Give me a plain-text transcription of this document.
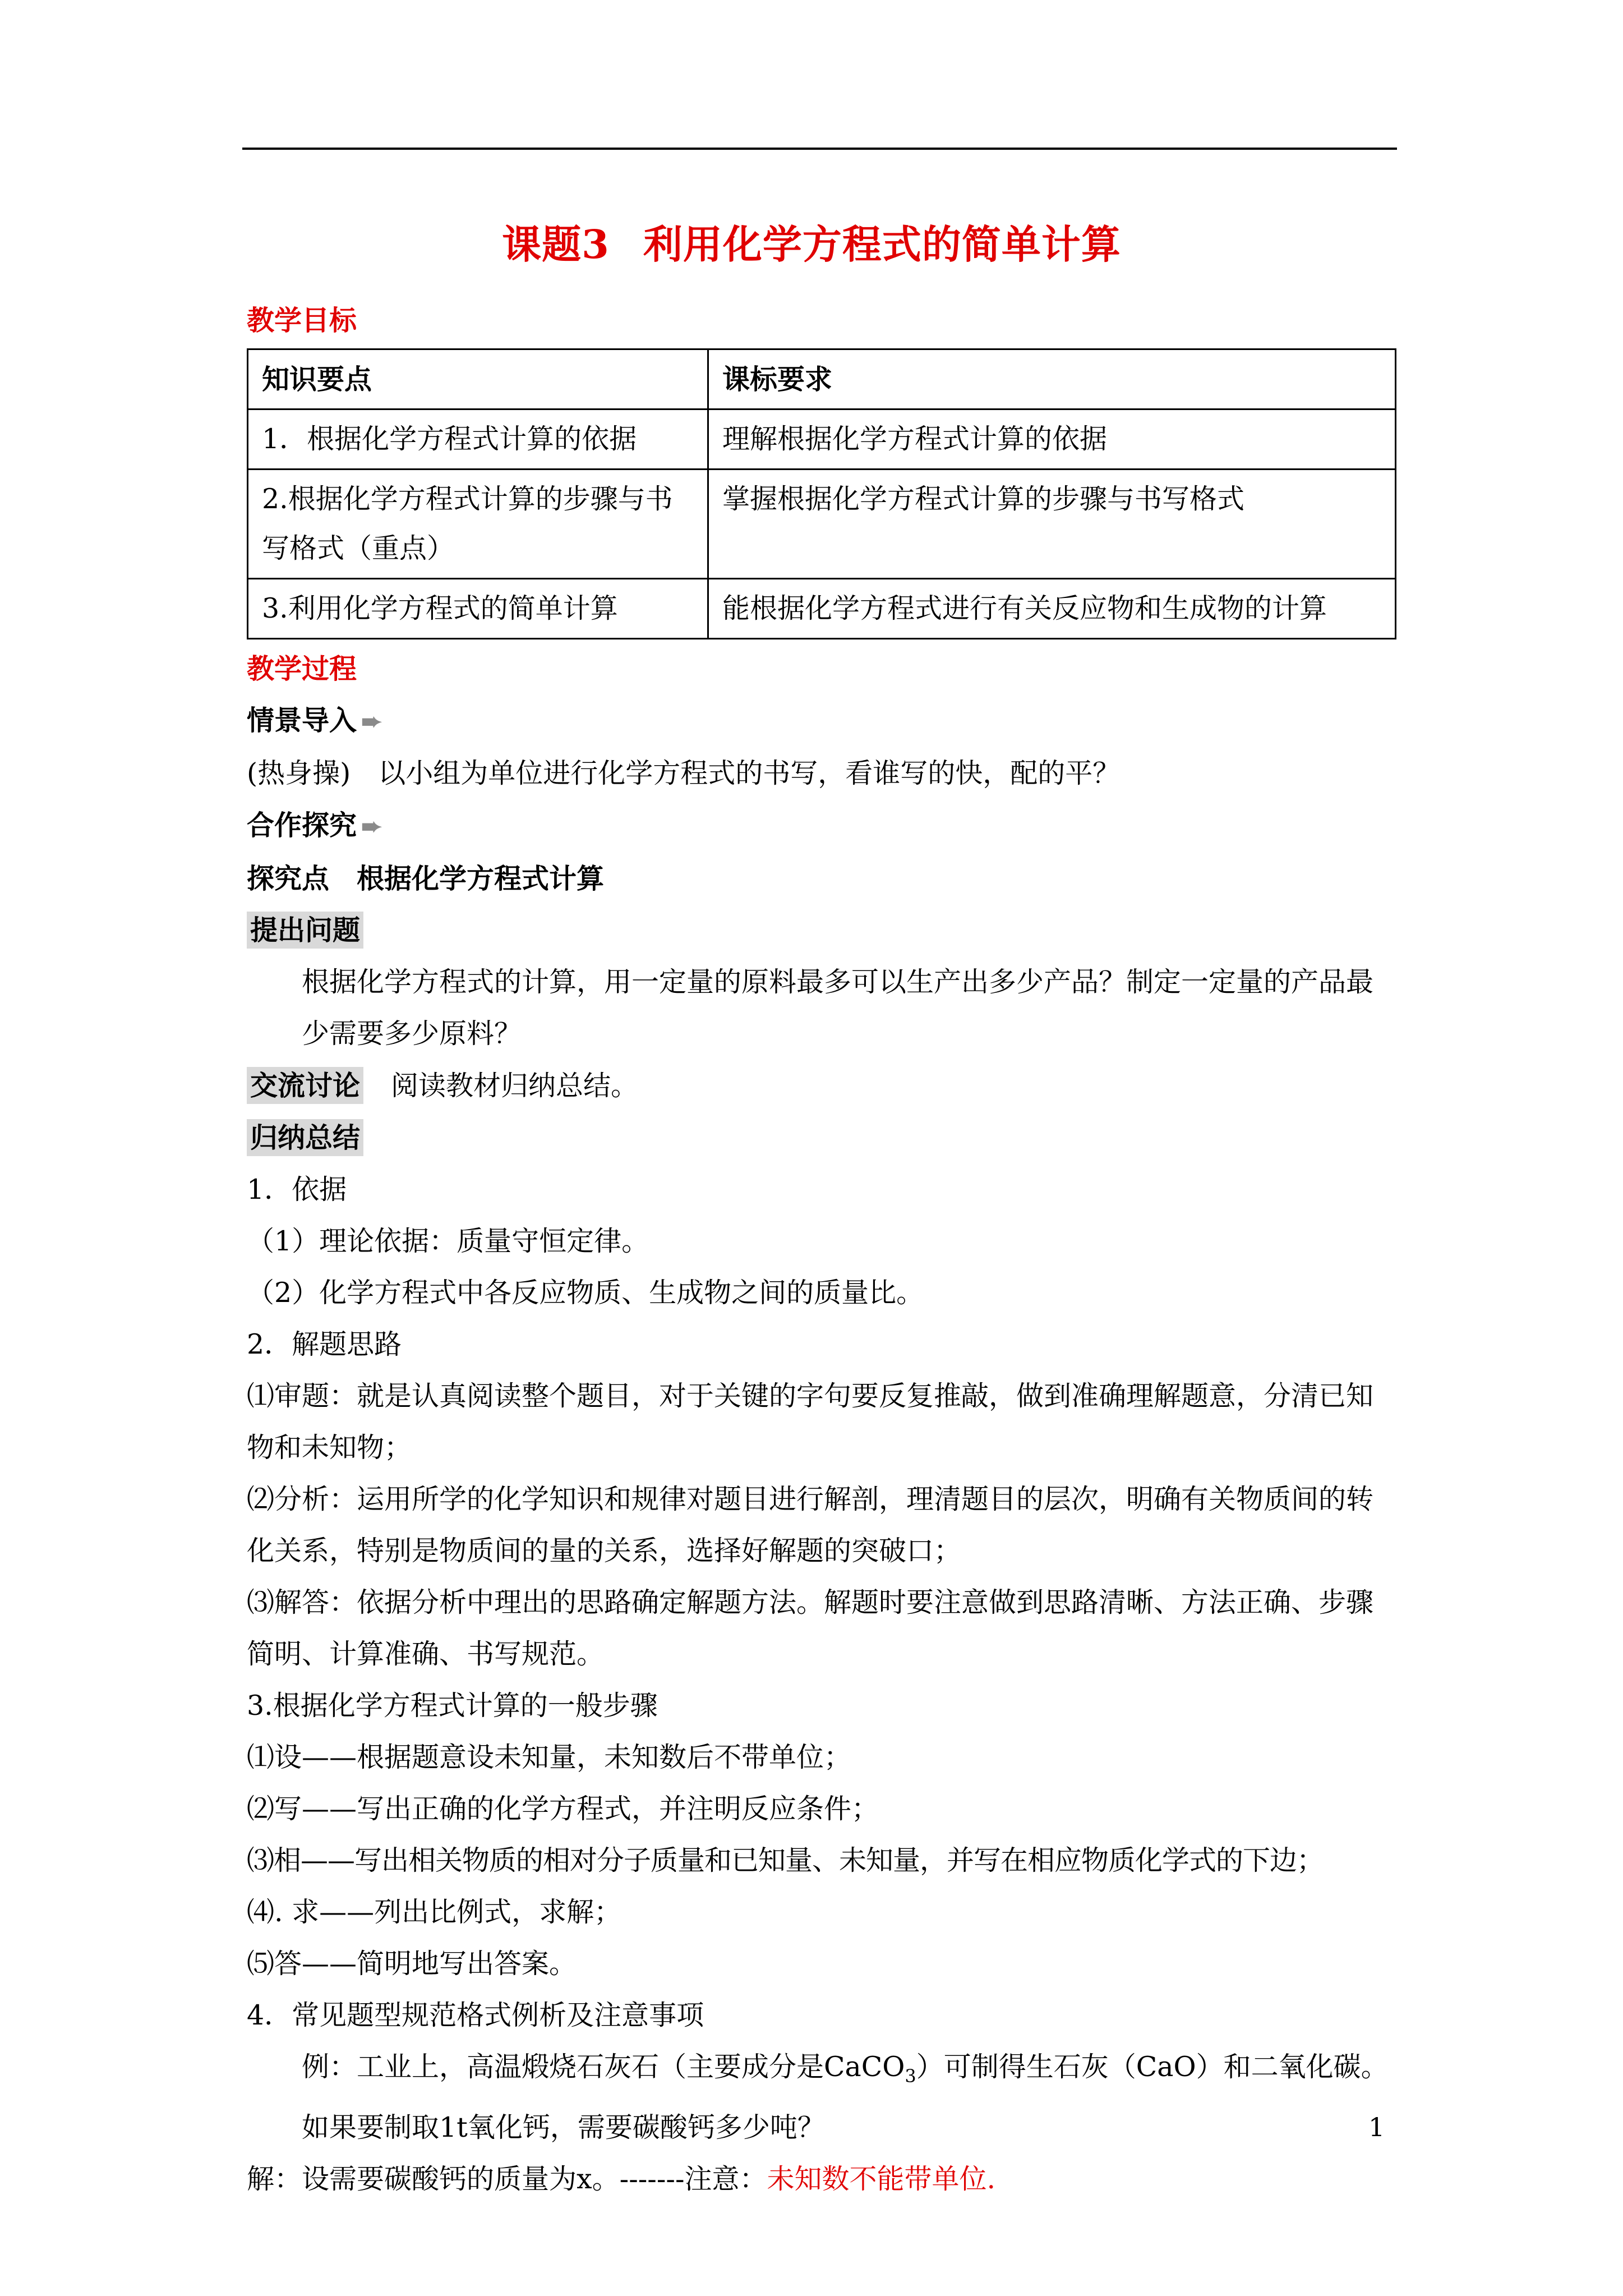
课题3 利用化学方程式的简单计算

教学目标

知识要点	课标要求
1．根据化学方程式计算的依据	理解根据化学方程式计算的依据
2.根据化学方程式计算的步骤与书写格式（重点）	掌握根据化学方程式计算的步骤与书写格式
3.利用化学方程式的简单计算	能根据化学方程式进行有关反应物和生成物的计算

教学过程

情景导入 ➨

(热身操)　以小组为单位进行化学方程式的书写，看谁写的快，配的平？

合作探究 ➨

探究点　根据化学方程式计算

提出问题

根据化学方程式的计算，用一定量的原料最多可以生产出多少产品？制定一定量的产品最少需要多少原料？

交流讨论　 阅读教材归纳总结。

归纳总结

1．依据

（1）理论依据：质量守恒定律。

（2）化学方程式中各反应物质、生成物之间的质量比。

2．解题思路

⑴审题：就是认真阅读整个题目，对于关键的字句要反复推敲，做到准确理解题意，分清已知物和未知物；

⑵分析：运用所学的化学知识和规律对题目进行解剖，理清题目的层次，明确有关物质间的转化关系，特别是物质间的量的关系，选择好解题的突破口；

⑶解答：依据分析中理出的思路确定解题方法。解题时要注意做到思路清晰、方法正确、步骤简明、计算准确、书写规范。

3.根据化学方程式计算的一般步骤

⑴设——根据题意设未知量，未知数后不带单位；

⑵写——写出正确的化学方程式，并注明反应条件；

⑶相——写出相关物质的相对分子质量和已知量、未知量，并写在相应物质化学式的下边；

⑷. 求——列出比例式，求解；

⑸答——简明地写出答案。

4．常见题型规范格式例析及注意事项

例：工业上，高温煅烧石灰石（主要成分是CaCO$_3$）可制得生石灰（CaO）和二氧化碳。如果要制取1t氧化钙，需要碳酸钙多少吨？

解：设需要碳酸钙的质量为x。-------注意：未知数不能带单位.

1
